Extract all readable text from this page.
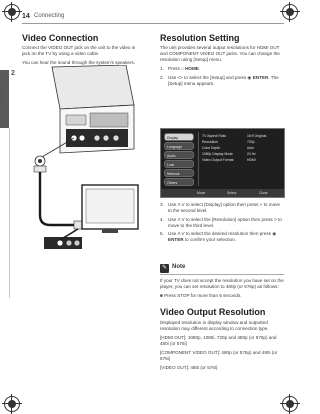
14 Connecting
2
Connecting
Video Connection

Connect the VIDEO OUT jack on the unit to the video in jack on the TV by using a video cable.

You can hear the sound through the system's speakers.

Resolution Setting

The unit provides several output resolutions for HDMI OUT and COMPONENT VIDEO OUT jacks. You can change the resolution using [Setup] menu.

1. Press ⌂ HOME.
2. Use <> to select the [Setup] and press ◉ ENTER. The [Setup] menu appears.
Display
Language
Audio
Lock
Network
Others
TV Aspect Ratio
Resolution
Color Depth
1080p Display Mode
Video Output Format
16:9 Original
720p
Auto
24 Hz
HDMI
Move	Select	Close
3. Use Λ V to select [Display] option then press > to move to the second level.
4. Use Λ V to select the [Resolution] option then press > to move to the third level.
5. Use Λ V to select the desired resolution then press ◉ ENTER to confirm your selection.
✎ Note

If your TV does not accept the resolution you have set on the player, you can set resolution to 480p (or 576p) as follows:

■ Press STOP for more than 5 seconds.

Video Output Resolution

Displayed resolution in display window and outputted resolution may different according to connection type.

[HDMI OUT]: 1080p, 1080i, 720p and 480p (or 576p) and 480i (or 576i)

[COMPONENT VIDEO OUT]: 480p (or 576p) and 480i (or 576i)

[VIDEO OUT]: 480i (or 576i)
